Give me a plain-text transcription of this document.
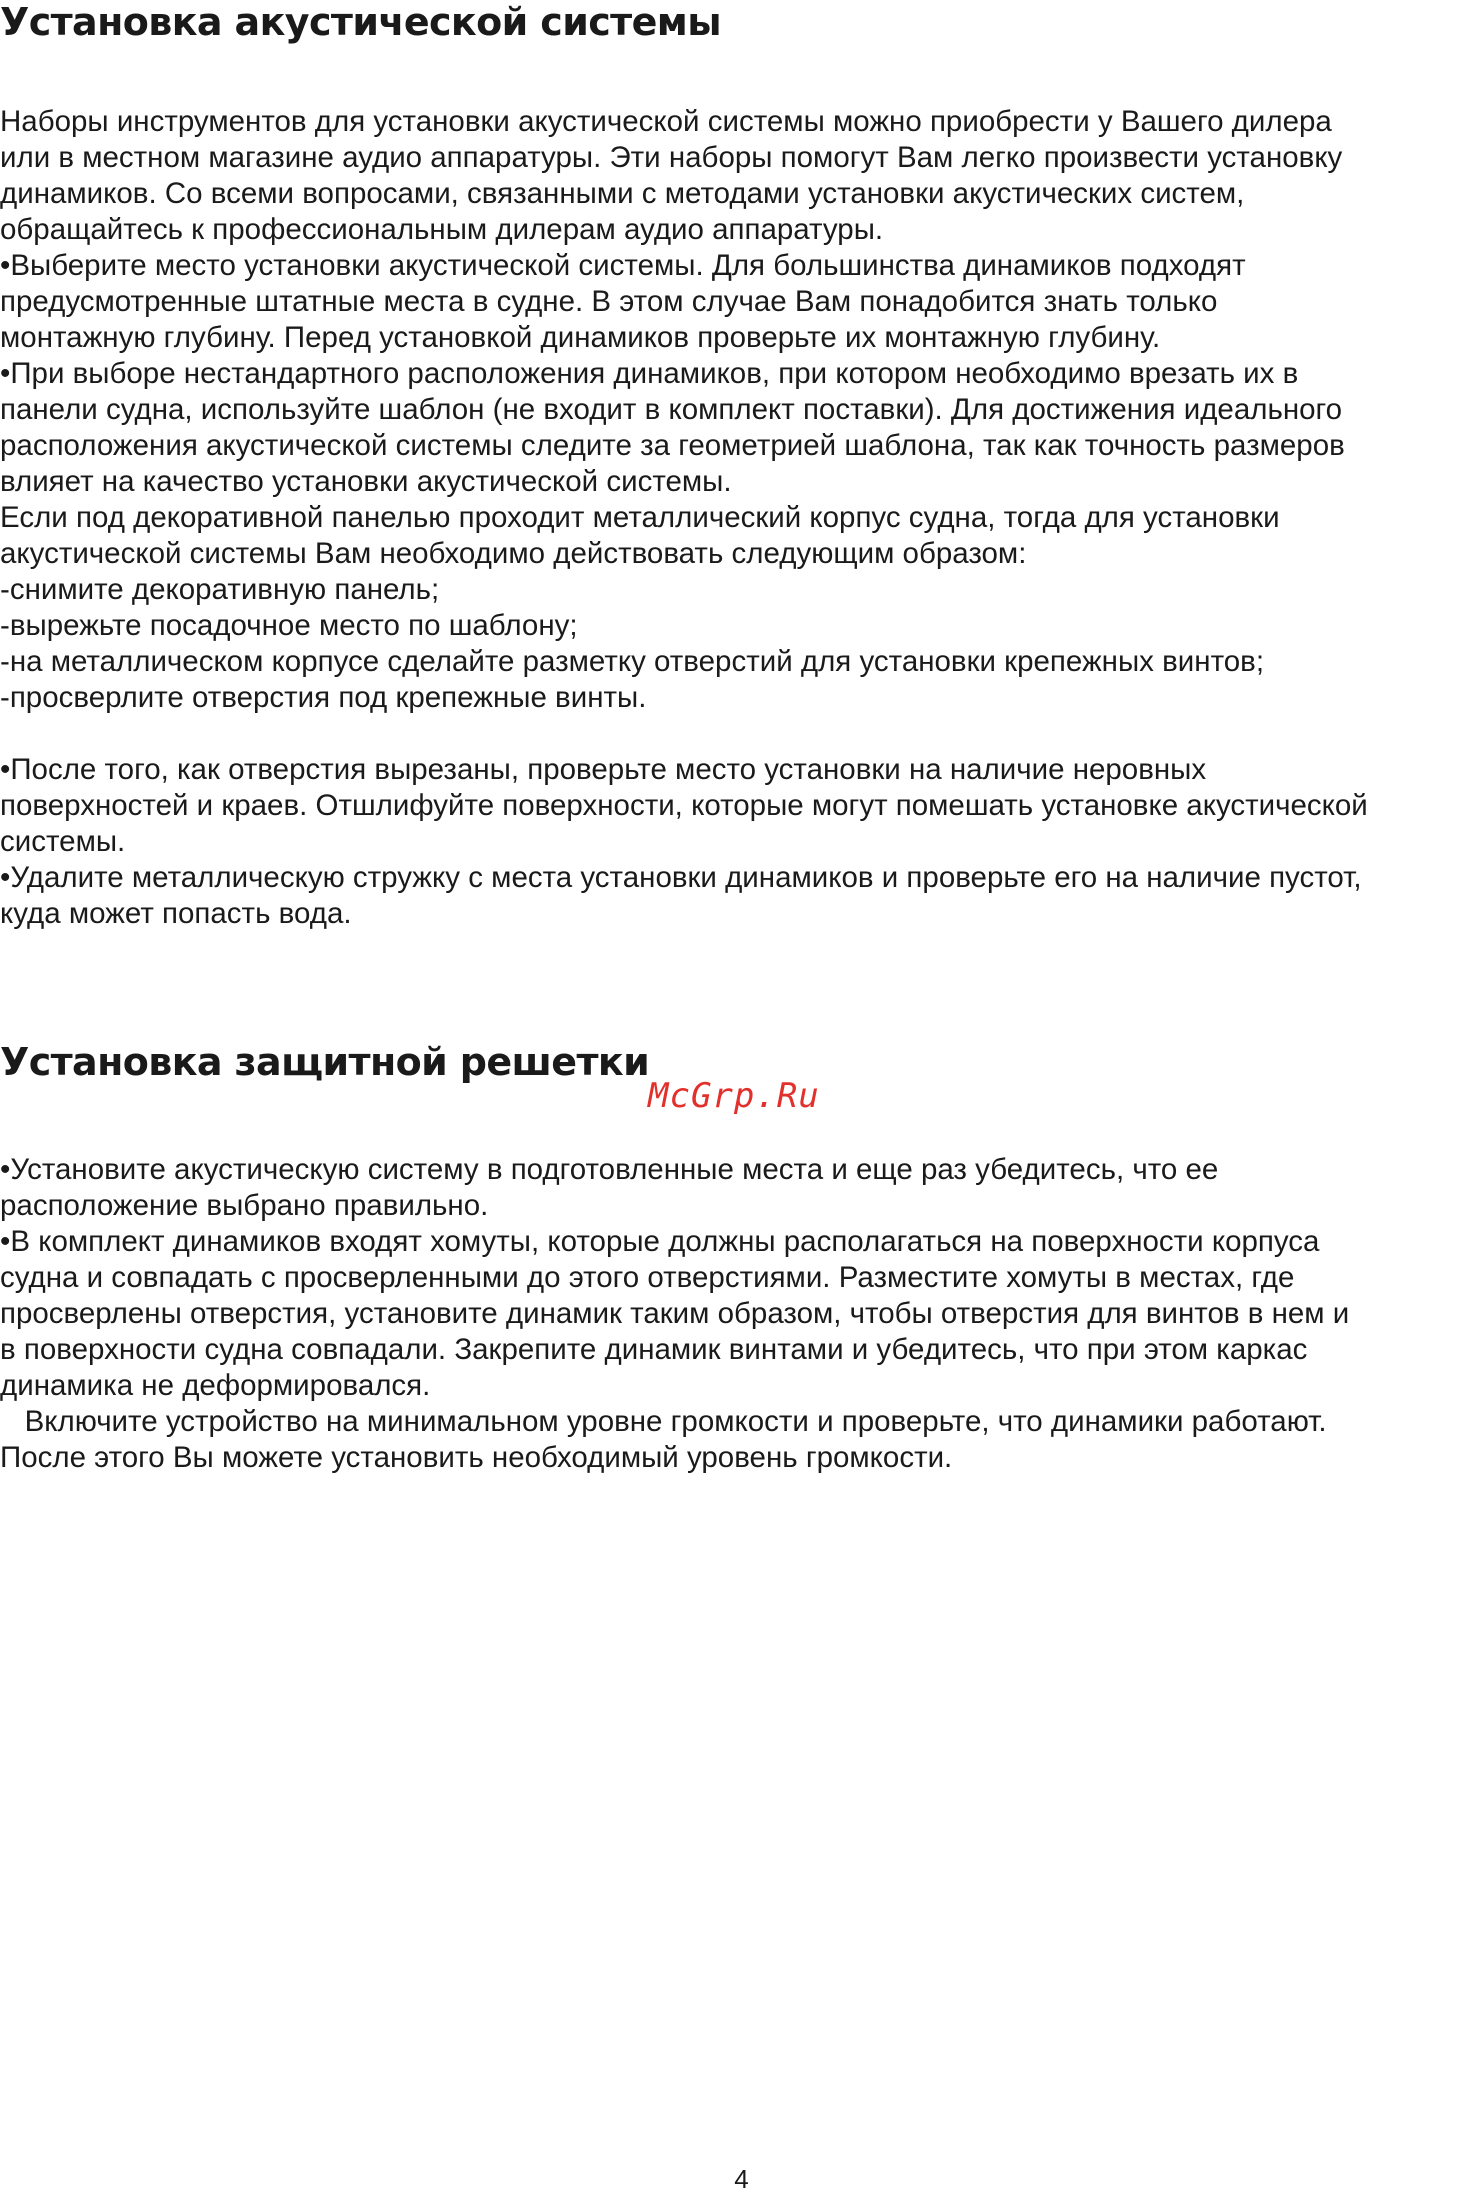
Установка акустической системы
Наборы инструментов для установки акустической системы можно приобрести у Вашего дилера
или в местном магазине аудио аппаратуры. Эти наборы помогут Вам легко произвести установку
динамиков. Со всеми вопросами, связанными с методами установки акустических систем,
обращайтесь к профессиональным дилерам аудио аппаратуры.
•Выберите место установки акустической системы. Для большинства динамиков подходят
предусмотренные штатные места в судне. В этом случае Вам понадобится знать только
монтажную глубину. Перед установкой динамиков проверьте их монтажную глубину.
•При выборе нестандартного расположения динамиков, при котором необходимо врезать их в
панели судна, используйте шаблон (не входит в комплект поставки). Для достижения идеального
расположения акустической системы следите за геометрией шаблона, так как точность размеров
влияет на качество установки акустической системы.
Если под декоративной панелью проходит металлический корпус судна, тогда для установки
акустической системы Вам необходимо действовать следующим образом:
-снимите декоративную панель;
-вырежьте посадочное место по шаблону;
-на металлическом корпусе сделайте разметку отверстий для установки крепежных винтов;
-просверлите отверстия под крепежные винты.
•После того, как отверстия вырезаны, проверьте место установки на наличие неровных
поверхностей и краев. Отшлифуйте поверхности, которые могут помешать установке акустической
системы.
•Удалите металлическую стружку с места установки динамиков и проверьте его на наличие пустот,
куда может попасть вода.
Установка защитной решетки
McGrp.Ru
•Установите акустическую систему в подготовленные места и еще раз убедитесь, что ее
расположение выбрано правильно.
•В комплект динамиков входят хомуты, которые должны располагаться на поверхности корпуса
судна и совпадать с просверленными до этого отверстиями. Разместите хомуты в местах, где
просверлены отверстия, установите динамик таким образом, чтобы отверстия для винтов в нем и
в поверхности судна совпадали. Закрепите динамик винтами и убедитесь, что при этом каркас
динамика не деформировался.
Включите устройство на минимальном уровне громкости и проверьте, что динамики работают.
После этого Вы можете установить необходимый уровень громкости.
4
